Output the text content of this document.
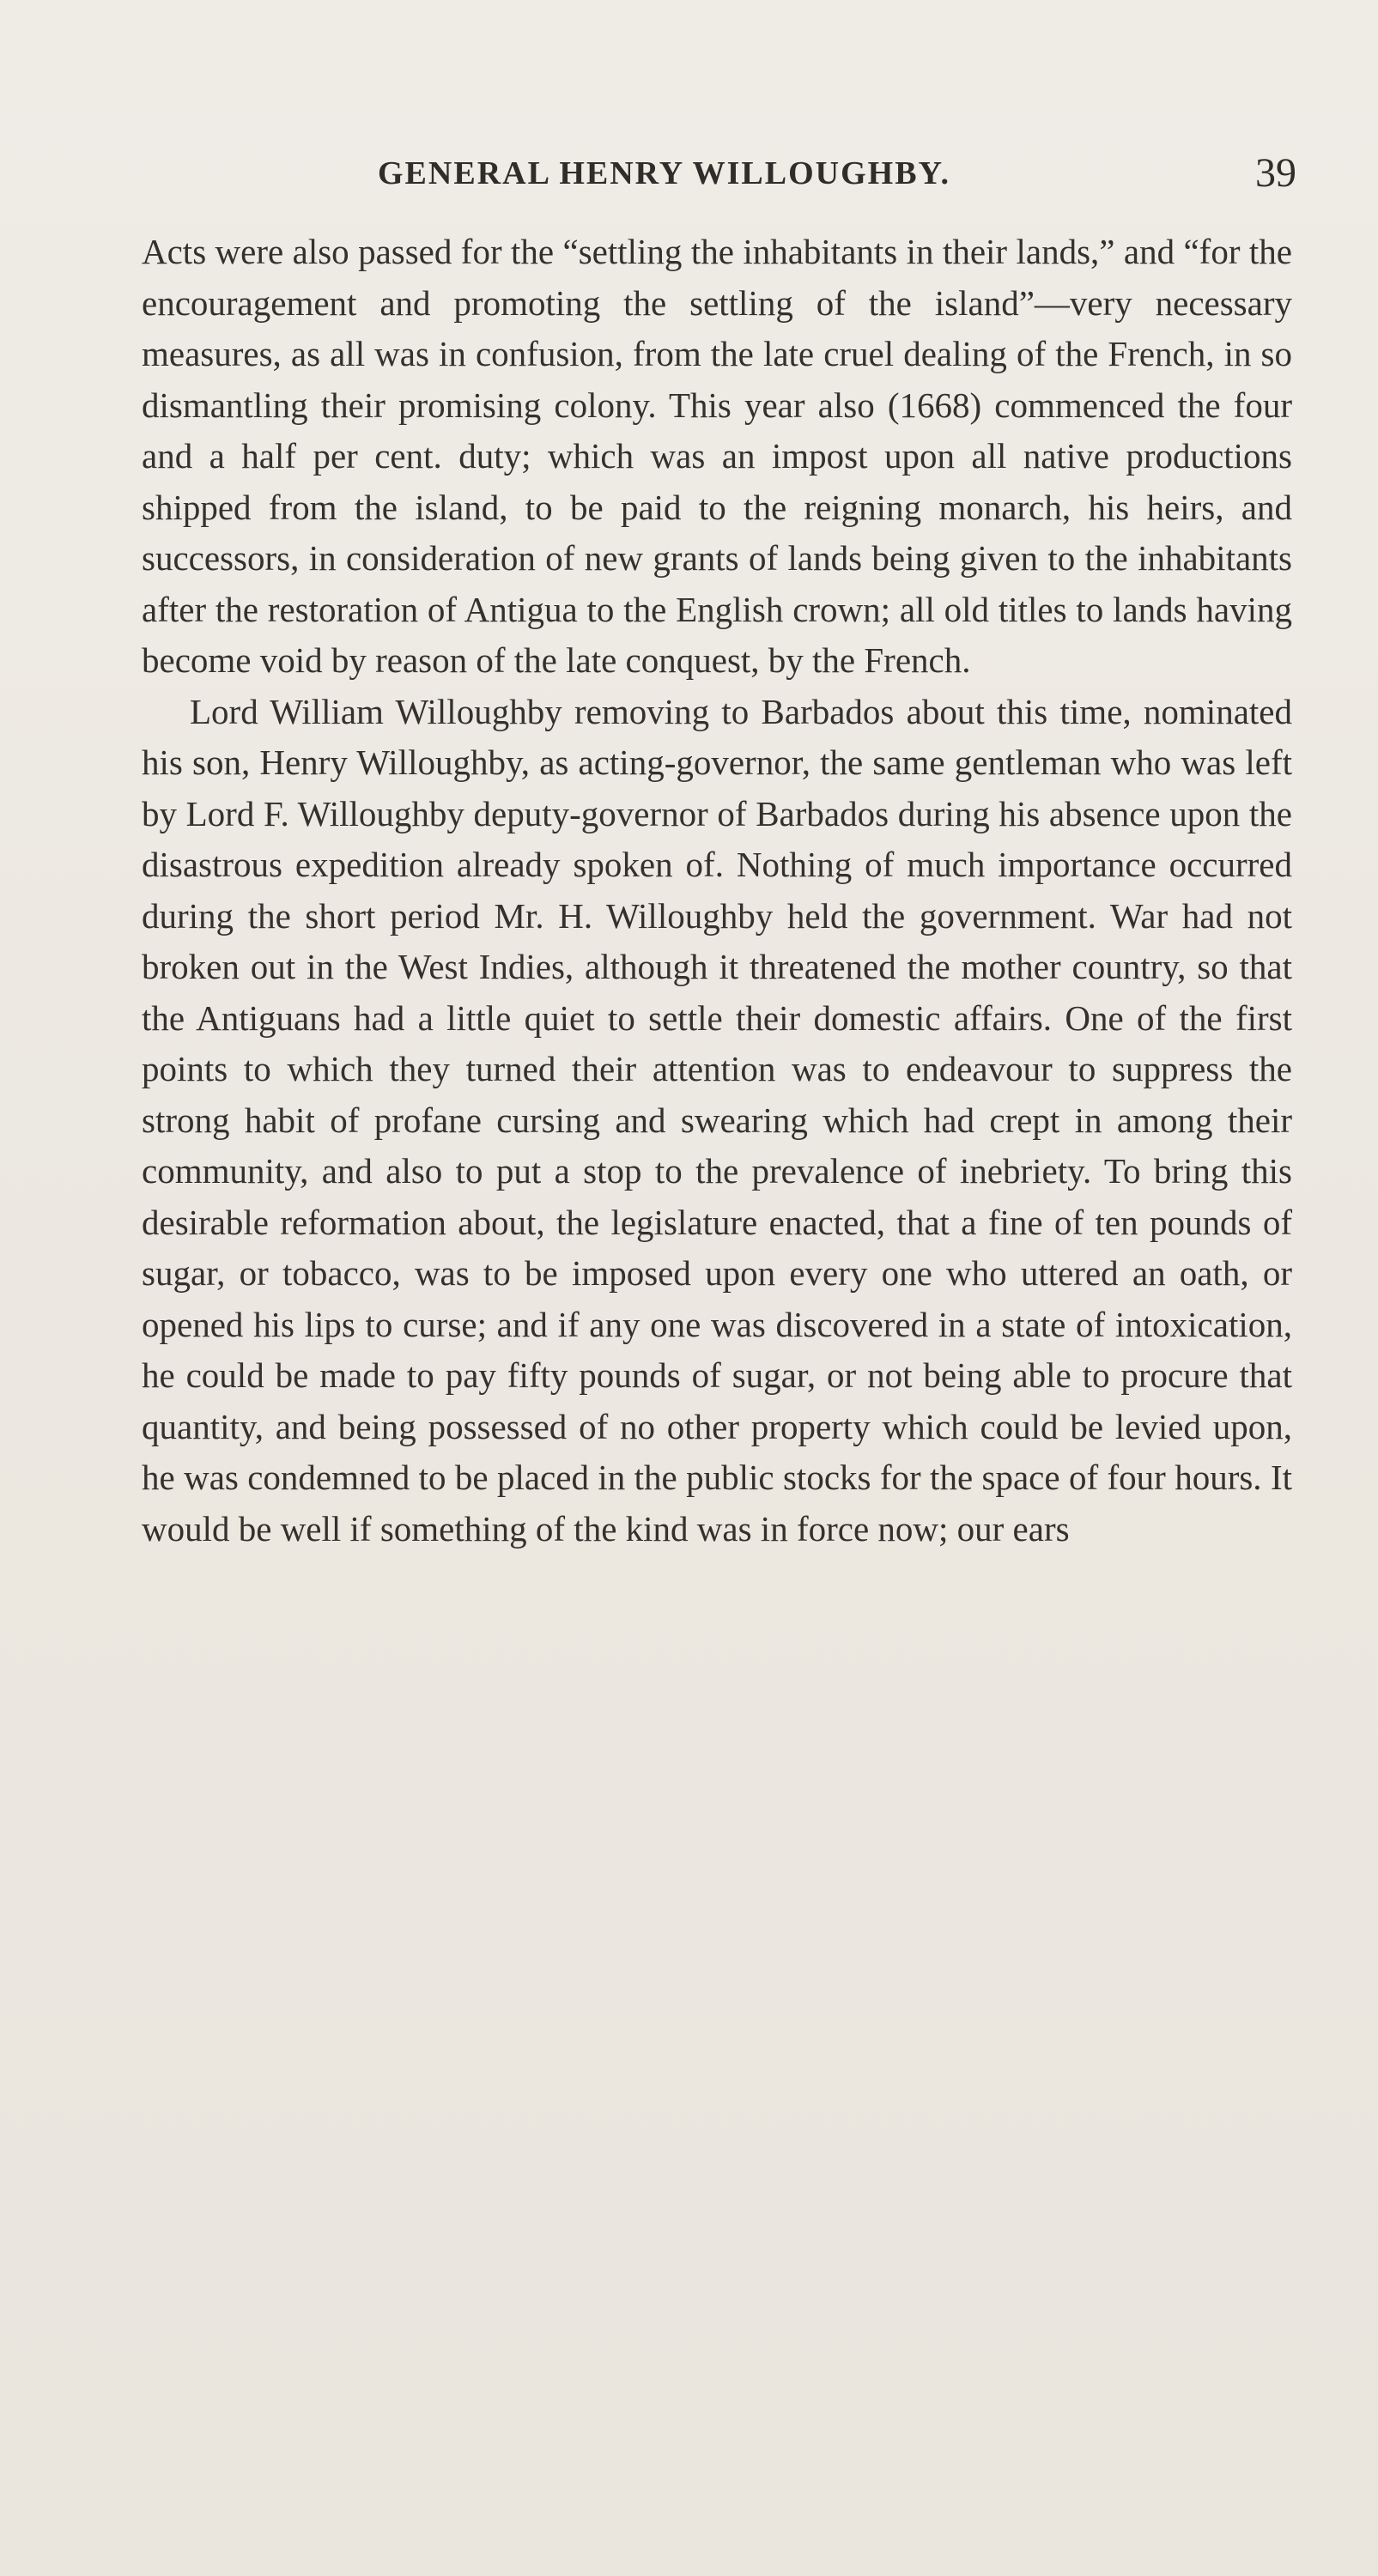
GENERAL HENRY WILLOUGHBY.	39

Acts were also passed for the “settling the inhabitants in their lands,” and “for the encouragement and promoting the settling of the island”—very necessary measures, as all was in confusion, from the late cruel dealing of the French, in so dismantling their promising colony. This year also (1668) commenced the four and a half per cent. duty; which was an impost upon all native productions shipped from the island, to be paid to the reigning monarch, his heirs, and successors, in consideration of new grants of lands being given to the inhabitants after the restoration of Antigua to the English crown; all old titles to lands having become void by reason of the late conquest, by the French.

Lord William Willoughby removing to Barbados about this time, nominated his son, Henry Willoughby, as acting-governor, the same gentleman who was left by Lord F. Willoughby deputy-governor of Barbados during his absence upon the disastrous expedition already spoken of. Nothing of much importance occurred during the short period Mr. H. Willoughby held the government. War had not broken out in the West Indies, although it threatened the mother country, so that the Antiguans had a little quiet to settle their domestic affairs. One of the first points to which they turned their attention was to endeavour to suppress the strong habit of profane cursing and swearing which had crept in among their community, and also to put a stop to the prevalence of inebriety. To bring this desirable reformation about, the legislature enacted, that a fine of ten pounds of sugar, or tobacco, was to be imposed upon every one who uttered an oath, or opened his lips to curse; and if any one was discovered in a state of intoxication, he could be made to pay fifty pounds of sugar, or not being able to procure that quantity, and being possessed of no other property which could be levied upon, he was condemned to be placed in the public stocks for the space of four hours. It would be well if something of the kind was in force now; our ears
